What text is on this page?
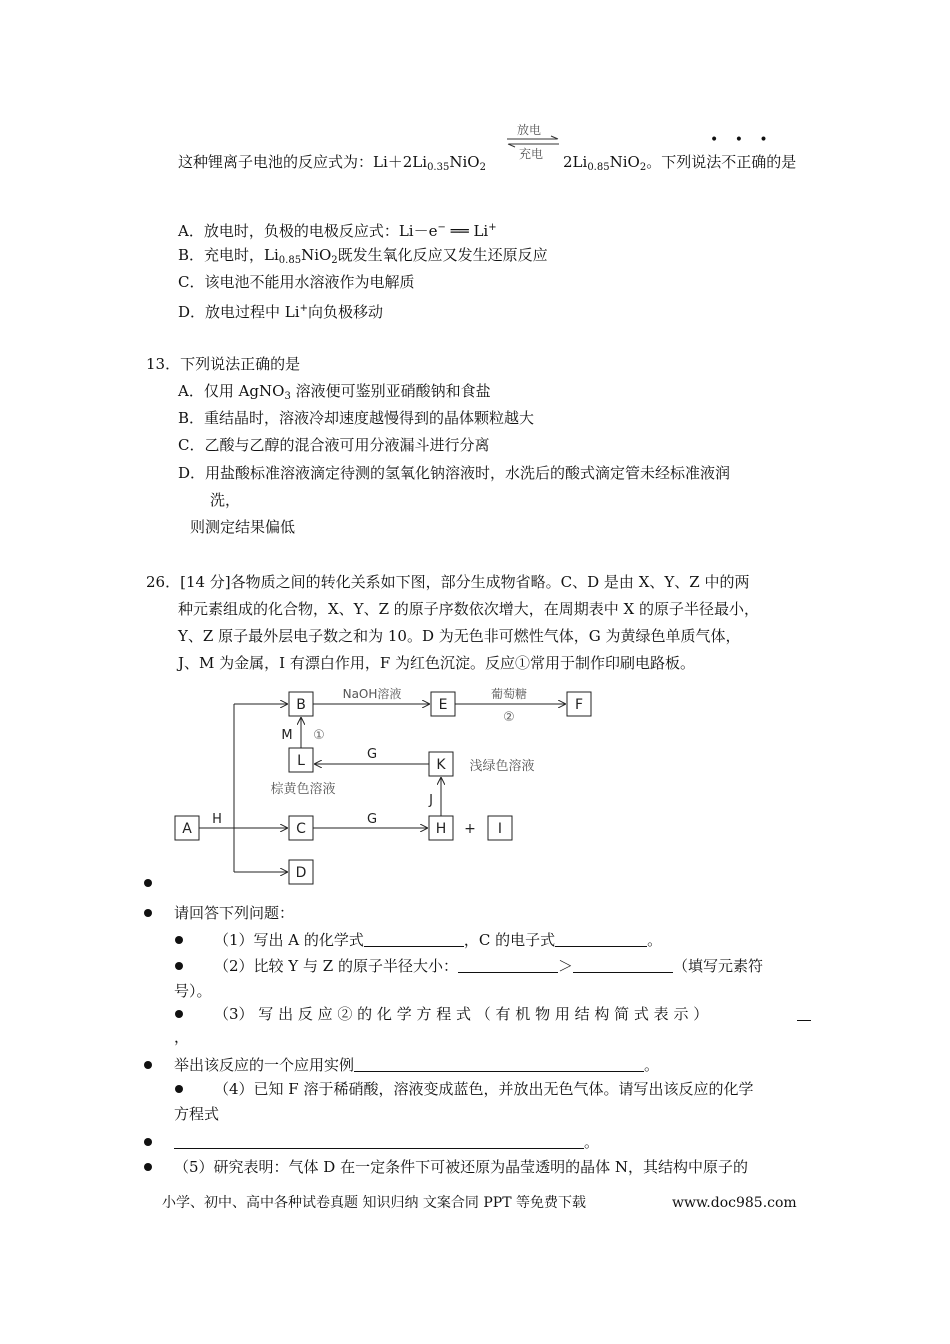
放电
充电
这种锂离子电池的反应式为：$Li+2Li_{0.35}NiO_2$	$2Li_{0.85}NiO_2$。下列说法不正确的是
• • •
A．放电时，负极的电极反应式：Li－e− ══ Li+
B．充电时，$Li_{0.85}NiO_2$既发生氧化反应又发生还原反应
C．该电池不能用水溶液作为电解质
D．放电过程中 Li+向负极移动
13．下列说法正确的是
A．仅用 AgNO$_3$ 溶液便可鉴别亚硝酸钠和食盐
B．重结晶时，溶液冷却速度越慢得到的晶体颗粒越大
C．乙酸与乙醇的混合液可用分液漏斗进行分离
D．用盐酸标准溶液滴定待测的氢氧化钠溶液时，水洗后的酸式滴定管未经标准液润
洗，
则测定结果偏低
26．[14 分]各物质之间的转化关系如下图，部分生成物省略。C、D 是由 X、Y、Z 中的两
种元素组成的化合物，X、Y、Z 的原子序数依次增大，在周期表中 X 的原子半径最小，
Y、Z 原子最外层电子数之和为 10。D 为无色非可燃性气体，G 为黄绿色单质气体，
J、M 为金属，I 有漂白作用，F 为红色沉淀。反应①常用于制作印刷电路板。
A
B
C
D
E	F
L	K
H	I
+
H	G
G
J
M ①
②
NaOH溶液	葡萄糖
浅绿色溶液
棕黄色溶液
请回答下列问题：
（1）写出 A 的化学式	，C 的电子式	。
（2）比较 Y 与 Z 的原子半径大小：	＞	（填写元素符
号）。
（3） 写 出 反 应 ② 的 化 学 方 程 式 （ 有 机 物 用 结 构 简 式 表 示 ）
，
举出该反应的一个应用实例	。
（4）已知 F 溶于稀硝酸，溶液变成蓝色，并放出无色气体。请写出该反应的化学
方程式
。
（5）研究表明：气体 D 在一定条件下可被还原为晶莹透明的晶体 N，其结构中原子的
小学、初中、高中各种试卷真题 知识归纳 文案合同 PPT 等免费下载	www.doc985.com
